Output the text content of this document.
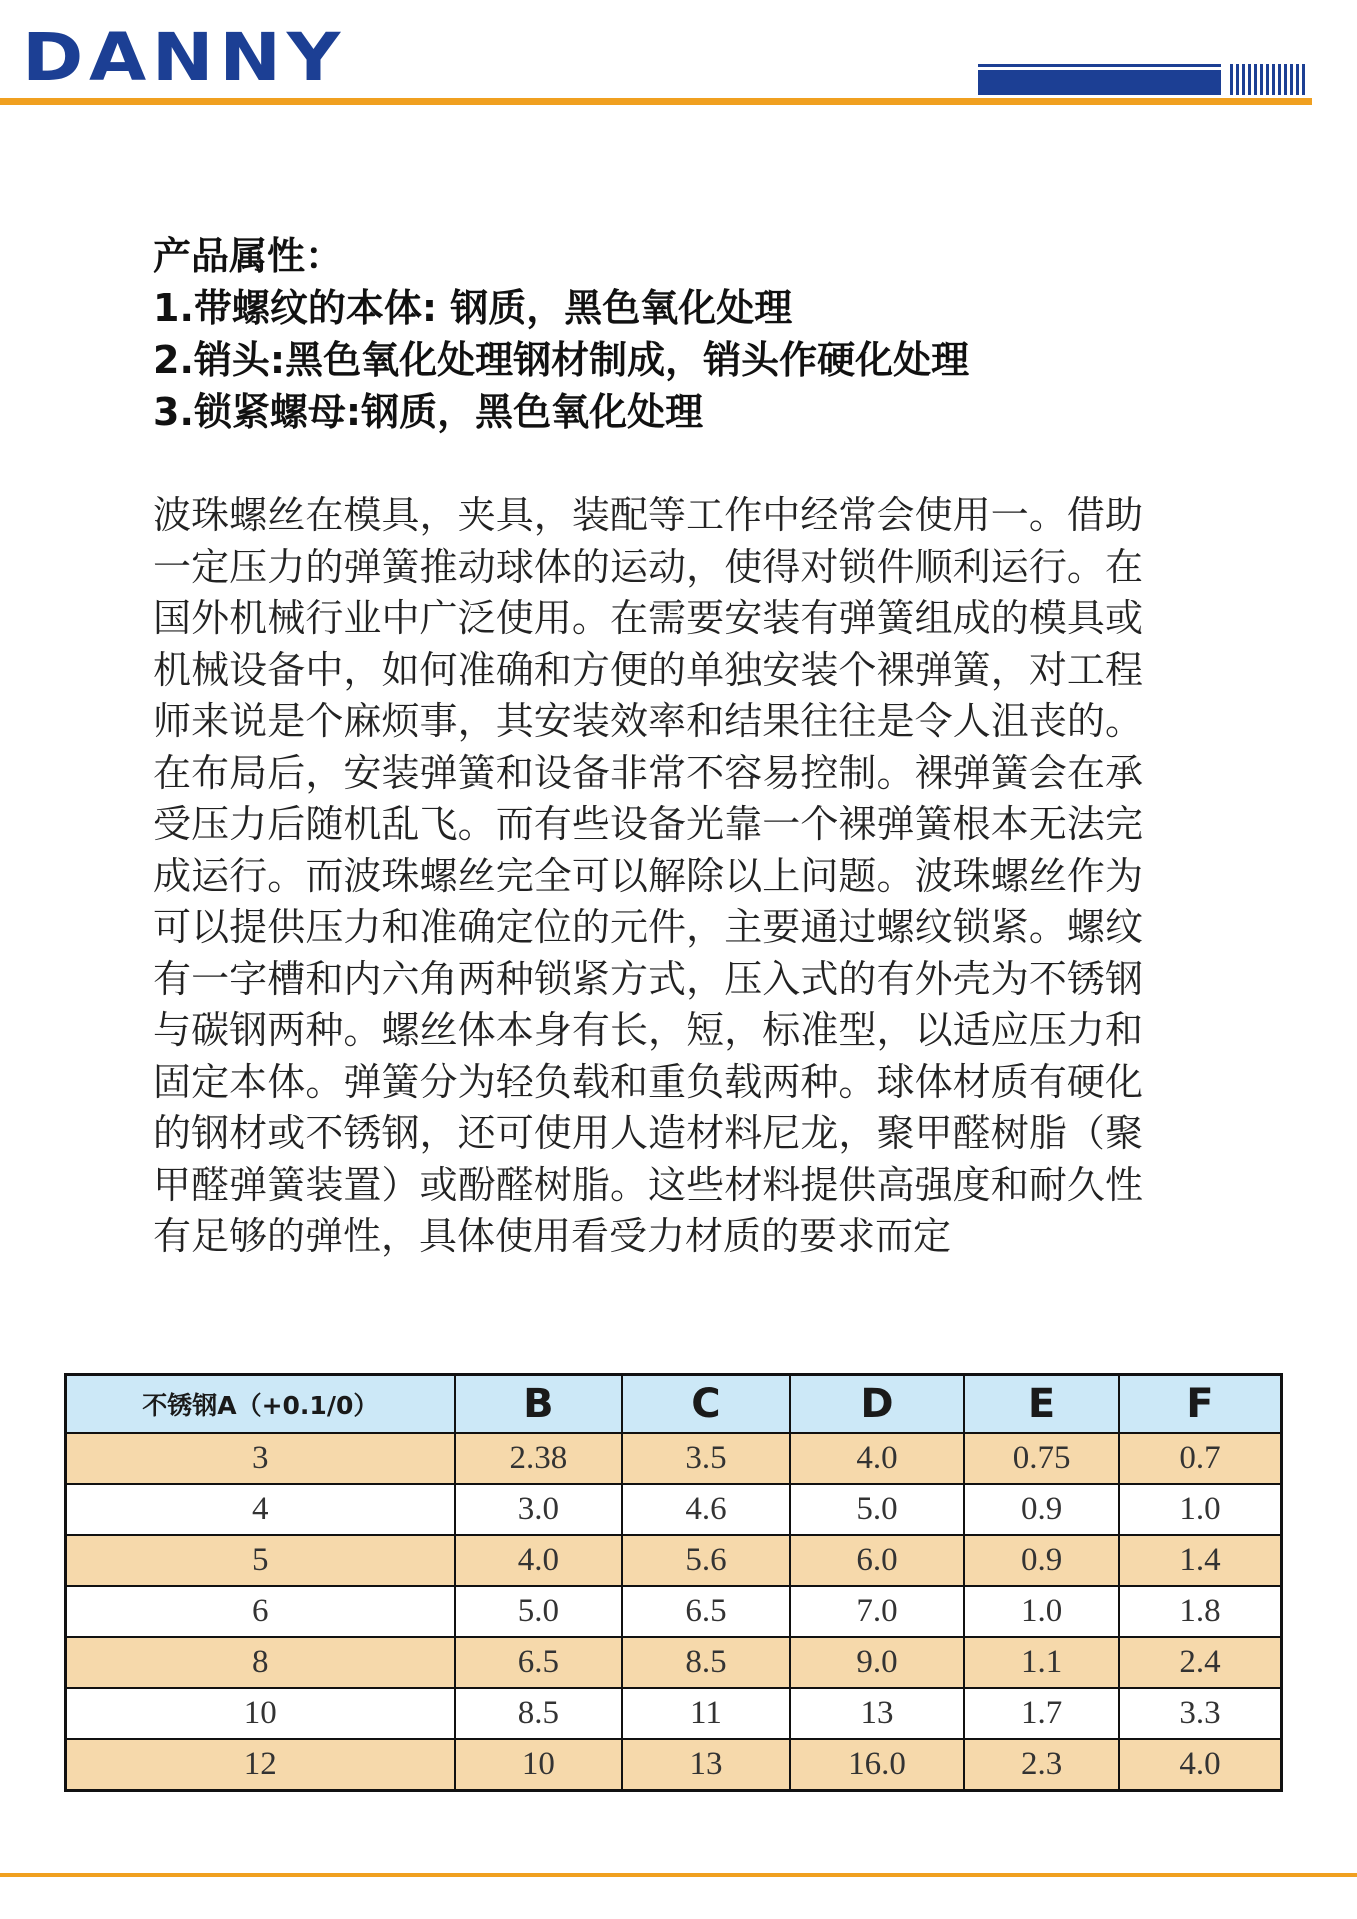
DANNY
产品属性：
1.带螺纹的本体: 钢质，黑色氧化处理
2.销头:黑色氧化处理钢材制成，销头作硬化处理
3.锁紧螺母:钢质，黑色氧化处理
波珠螺丝在模具，夹具，装配等工作中经常会使用一。借助一定压力的弹簧推动球体的运动，使得对锁件顺利运行。在国外机械行业中广泛使用。在需要安装有弹簧组成的模具或机械设备中，如何准确和方便的单独安装个裸弹簧，对工程师来说是个麻烦事，其安装效率和结果往往是令人沮丧的。在布局后，安装弹簧和设备非常不容易控制。裸弹簧会在承受压力后随机乱飞。而有些设备光靠一个裸弹簧根本无法完成运行。而波珠螺丝完全可以解除以上问题。波珠螺丝作为可以提供压力和准确定位的元件，主要通过螺纹锁紧。螺纹有一字槽和内六角两种锁紧方式，压入式的有外壳为不锈钢与碳钢两种。螺丝体本身有长，短，标准型，以适应压力和固定本体。弹簧分为轻负载和重负载两种。球体材质有硬化的钢材或不锈钢，还可使用人造材料尼龙，聚甲醛树脂（聚甲醛弹簧装置）或酚醛树脂。这些材料提供高强度和耐久性有足够的弹性，具体使用看受力材质的要求而定
不锈钢A（+0.1/0）	B	C	D	E	F
3	2.38	3.5	4.0	0.75	0.7
4	3.0	4.6	5.0	0.9	1.0
5	4.0	5.6	6.0	0.9	1.4
6	5.0	6.5	7.0	1.0	1.8
8	6.5	8.5	9.0	1.1	2.4
10	8.5	11	13	1.7	3.3
12	10	13	16.0	2.3	4.0
